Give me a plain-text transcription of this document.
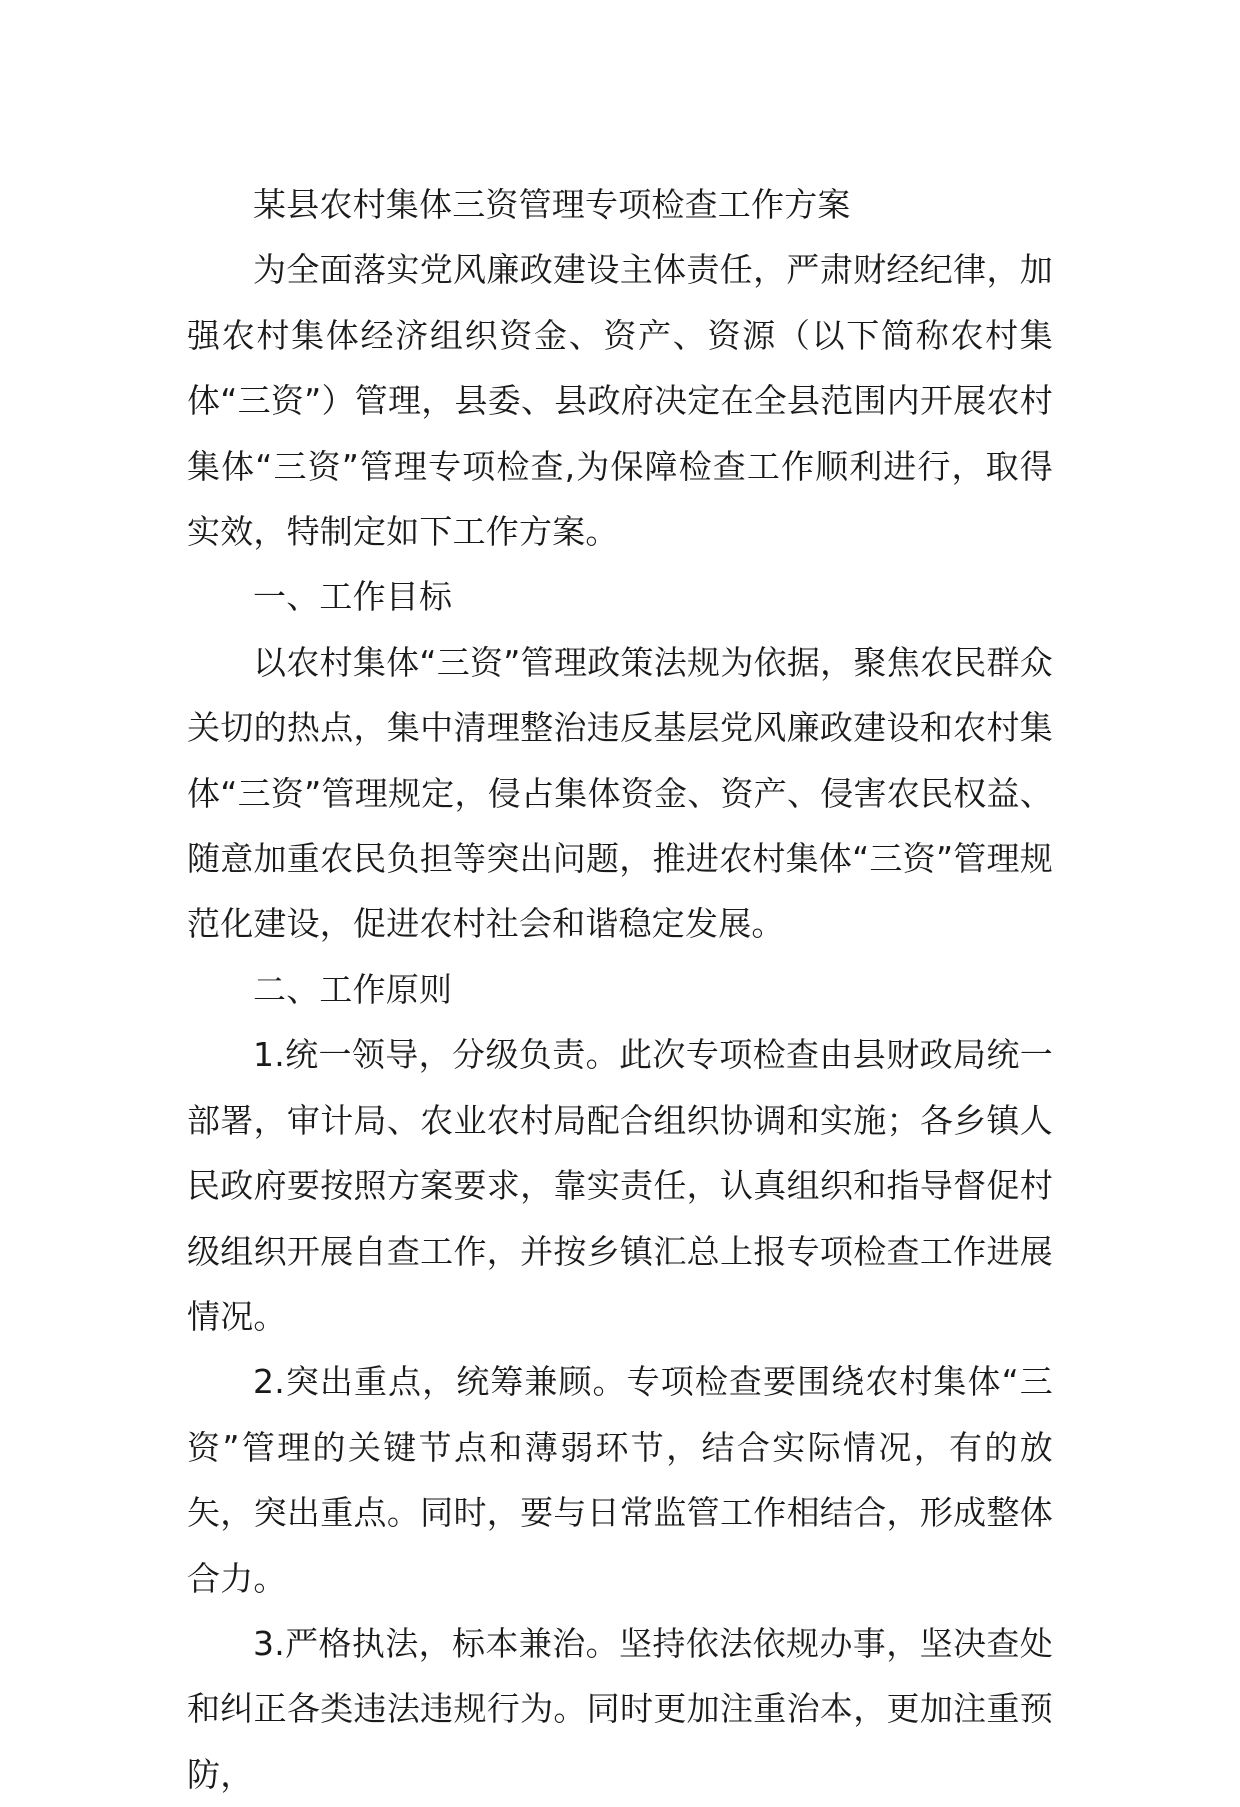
某县农村集体三资管理专项检查工作方案

为全面落实党风廉政建设主体责任，严肃财经纪律，加强农村集体经济组织资金、资产、资源（以下简称农村集体“三资”）管理，县委、县政府决定在全县范围内开展农村集体“三资”管理专项检查,为保障检查工作顺利进行，取得实效，特制定如下工作方案。

一、工作目标

以农村集体“三资”管理政策法规为依据，聚焦农民群众关切的热点，集中清理整治违反基层党风廉政建设和农村集体“三资”管理规定，侵占集体资金、资产、侵害农民权益、随意加重农民负担等突出问题，推进农村集体“三资”管理规范化建设，促进农村社会和谐稳定发展。

二、工作原则

1.统一领导，分级负责。此次专项检查由县财政局统一部署，审计局、农业农村局配合组织协调和实施；各乡镇人民政府要按照方案要求，靠实责任，认真组织和指导督促村级组织开展自查工作，并按乡镇汇总上报专项检查工作进展情况。

2.突出重点，统筹兼顾。专项检查要围绕农村集体“三资”管理的关键节点和薄弱环节，结合实际情况，有的放矢，突出重点。同时，要与日常监管工作相结合，形成整体合力。

3.严格执法，标本兼治。坚持依法依规办事，坚决查处和纠正各类违法违规行为。同时更加注重治本，更加注重预防，
